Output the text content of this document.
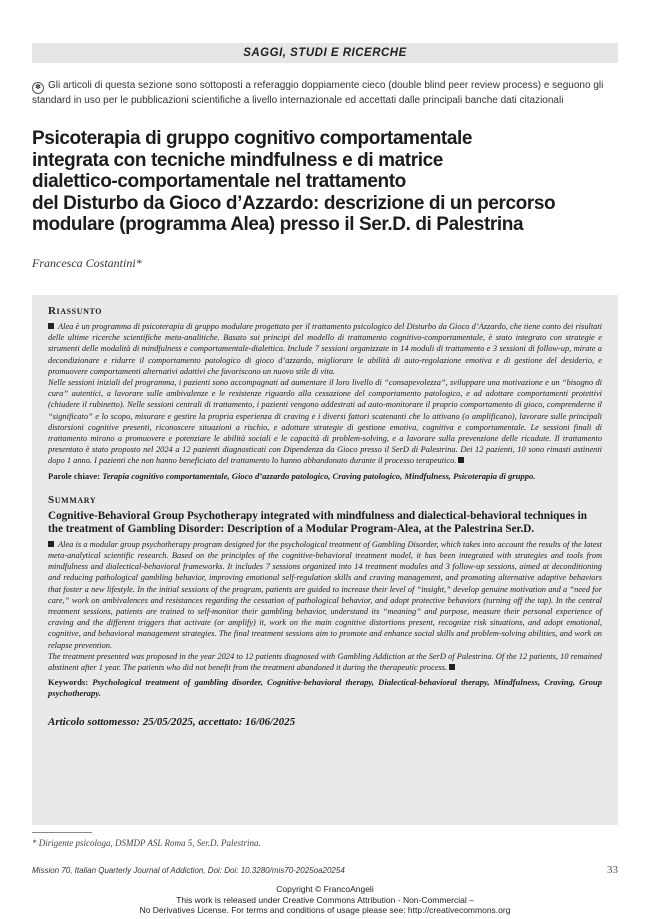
SAGGI, STUDI E RICERCHE
✽ Gli articoli di questa sezione sono sottoposti a referaggio doppiamente cieco (double blind peer review process) e seguono gli standard in uso per le pubblicazioni scientifiche a livello internazionale ed accettati dalle principali banche dati citazionali
Psicoterapia di gruppo cognitivo comportamentale
integrata con tecniche mindfulness e di matrice
dialettico-comportamentale nel trattamento
del Disturbo da Gioco d’Azzardo: descrizione di un percorso
modulare (programma Alea) presso il Ser.D. di Palestrina
Francesca Costantini*
Riassunto

Alea è un programma di psicoterapia di gruppo modulare progettato per il trattamento psicologico del Disturbo da Gioco d’Azzardo, che tiene conto dei risultati delle ultime ricerche scientifiche meta-analitiche. Basato sui principi del modello di trattamento cognitivo-comportamentale, è stato integrato con strategie e strumenti delle modalità di mindfulness e comportamentale-dialettica. Include 7 sessioni organizzate in 14 moduli di trattamento e 3 sessioni di follow-up, mirate a decondizionare e ridurre il comportamento patologico di gioco d’azzardo, migliorare le abilità di auto-regolazione emotiva e di gestione del desiderio, e promuovere comportamenti alternativi adattivi che favoriscono un nuovo stile di vita.

Nelle sessioni iniziali del programma, i pazienti sono accompagnati ad aumentare il loro livello di “consapevolezza”, sviluppare una motivazione e un “bisogno di cura” autentici, a lavorare sulle ambivalenze e le resistenze riguardo alla cessazione del comportamento patologico, e ad adottare comportamenti protettivi (chiudere il rubinetto). Nelle sessioni centrali di trattamento, i pazienti vengono addestrati ad auto-monitorare il proprio comportamento di gioco, comprenderne il “significato” e lo scopo, misurare e gestire la propria esperienza di craving e i diversi fattori scatenanti che lo attivano (o amplificano), lavorare sulle principali distorsioni cognitive presenti, riconoscere situazioni a rischio, e adottare strategie di gestione emotiva, cognitiva e comportamentale. Le sessioni finali di trattamento mirano a promuovere e potenziare le abilità sociali e le capacità di problem-solving, e a lavorare sulla prevenzione delle ricadute. Il trattamento presentato è stato proposto nel 2024 a 12 pazienti diagnosticati con Dipendenza da Gioco presso il SerD di Palestrina. Dei 12 pazienti, 10 sono rimasti astinenti dopo 1 anno. I pazienti che non hanno beneficiato del trattamento lo hanno abbandonato durante il processo terapeutico.

Parole chiave: Terapia cognitivo comportamentale, Gioco d’azzardo patologico, Craving patologico, Mindfulness, Psicoterapia di gruppo.
Summary
Cognitive-Behavioral Group Psychotherapy integrated with mindfulness and dialectical-behavioral techniques in the treatment of Gambling Disorder: Description of a Modular Program-Alea, at the Palestrina Ser.D.

Alea is a modular group psychotherapy program designed for the psychological treatment of Gambling Disorder, which takes into account the results of the latest meta-analytical scientific research. Based on the principles of the cognitive-behavioral treatment model, it has been integrated with strategies and tools from mindfulness and dialectical-behavioral frameworks. It includes 7 sessions organized into 14 treatment modules and 3 follow-up sessions, aimed at deconditioning and reducing pathological gambling behavior, improving emotional self-regulation skills and craving management, and promoting alternative adaptive behaviors that foster a new lifestyle. In the initial sessions of the program, patients are guided to increase their level of “insight,” develop genuine motivation and a “need for care,” work on ambivalences and resistances regarding the cessation of pathological behavior, and adopt protective behaviors (turning off the tap). In the central treatment sessions, patients are trained to self-monitor their gambling behavior, understand its “meaning” and purpose, measure their personal experience of craving and the different triggers that activate (or amplify) it, work on the main cognitive distortions present, recognize risk situations, and adopt emotional, cognitive, and behavioral management strategies. The final treatment sessions aim to promote and enhance social skills and problem-solving abilities, and work on relapse prevention.

The treatment presented was proposed in the year 2024 to 12 patients diagnosed with Gambling Addiction at the SerD of Palestrina. Of the 12 patients, 10 remained abstinent after 1 year. The patients who did not benefit from the treatment abandoned it during the therapeutic process.

Keywords: Psychological treatment of gambling disorder, Cognitive-behavioral therapy, Dialectical-behavioral therapy, Mindfulness, Craving, Group psychotherapy.
Articolo sottomesso: 25/05/2025, accettato: 16/06/2025
* Dirigente psicologa, DSMDP ASL Roma 5, Ser.D. Palestrina.
Mission 70, Italian Quarterly Journal of Addiction, Doi: Doi: 10.3280/mis70-2025oa20254	33
Copyright © FrancoAngeli
This work is released under Creative Commons Attribution - Non-Commercial –
No Derivatives License. For terms and conditions of usage please see: http://creativecommons.org
